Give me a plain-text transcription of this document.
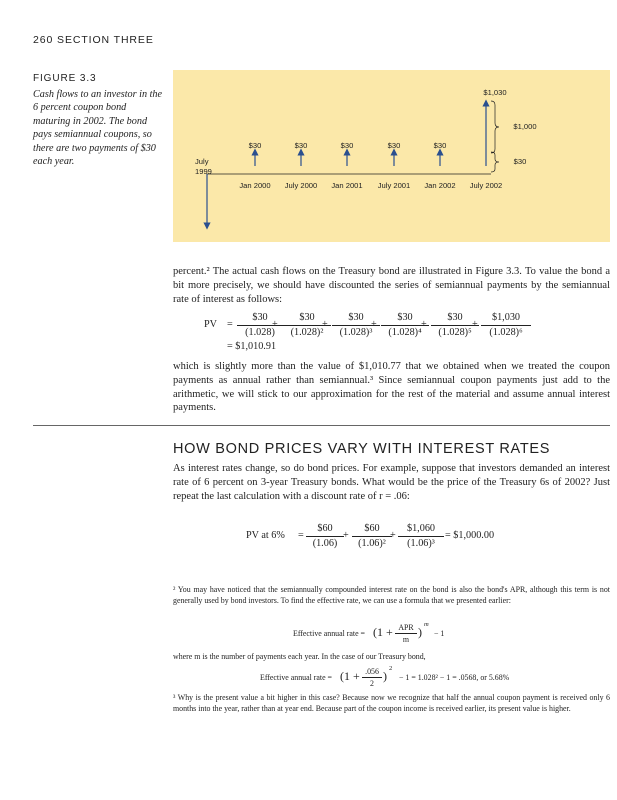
260 SECTION THREE
FIGURE 3.3
Cash flows to an investor in the 6 percent coupon bond maturing in 2002. The bond pays semiannual coupons, so there are two payments of $30 each year.
$1,030
$1,000
$30
$30	$30	$30	$30	$30
July 1999
Jan 2000	July 2000	Jan 2001	July 2001	Jan 2002	July 2002

percent.² The actual cash flows on the Treasury bond are illustrated in Figure 3.3. To value the bond a bit more precisely, we should have discounted the series of semiannual payments by the semiannual rate of interest as follows:

PV = $\frac{\$30}{(1.028)}$
+ $\frac{\$30}{\text{(1.028)²}}$
+ $\frac{\$30}{\text{(1.028)³}}$
+ $\frac{\$30}{\text{(1.028)⁴}}$
+ $\frac{\$30}{\text{(1.028)⁵}}$
+ $\frac{\$1,030}{\text{(1.028)⁶}}$
= $1,010.91

which is slightly more than the value of $1,010.77 that we obtained when we treated the coupon payments as annual rather than semiannual.³ Since semiannual coupon payments just add to the arithmetic, we will stick to our approximation for the rest of the material and assume annual interest payments.

HOW BOND PRICES VARY WITH INTEREST RATES

As interest rates change, so do bond prices. For example, suppose that investors demanded an interest rate of 6 percent on 3-year Treasury bonds. What would be the price of the Treasury 6s of 2002? Just repeat the last calculation with a discount rate of r = .06:

PV at $6\% = \frac{\$60}{(1.06)} + \frac{\$60}{\text{(1.06)²}}$
+ $\frac{\$1,060}{\text{(1.06)³}}$ = $1,000.00

² You may have noticed that the semiannually compounded interest rate on the bond is also the bond's APR, although this term is not generally used by bond investors. To find the effective rate, we can use a formula that we presented earlier:

Effective annual rate = (1 + APR
m
)
m
− 1

where m is the number of payments each year. In the case of our Treasury bond,

Effective annual rate = ($1 + \frac{.056}{2}$ )
2
− 1 = 1.028² − 1 = .0568, or 5.68%

³ Why is the present value a bit higher in this case? Because now we recognize that half the annual coupon payment is received only 6 months into the year, rather than at year end. Because part of the coupon income is received earlier, its present value is higher.
